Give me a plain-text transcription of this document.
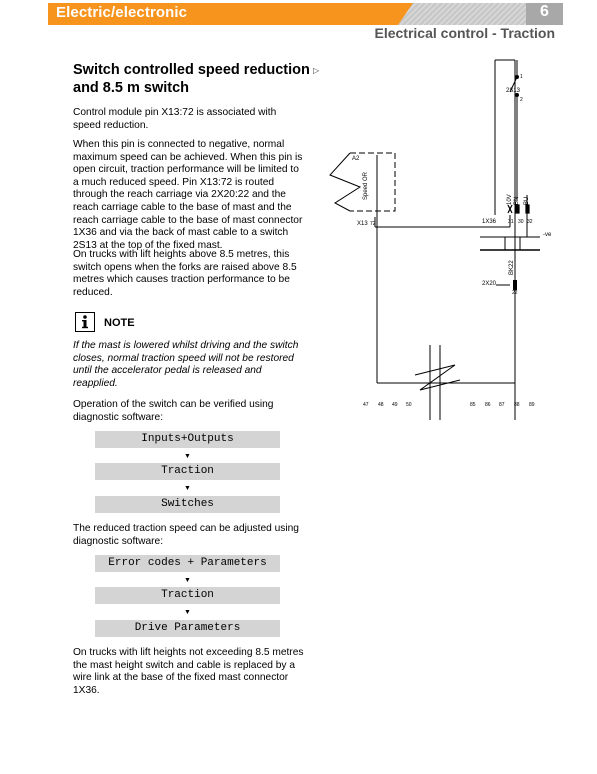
Electric/electronic	6
Electrical control - Traction
Switch controlled speed reduction and 8.5 m switch
▷

Control module pin X13:72 is associated with speed reduction.

When this pin is connected to negative, normal maximum speed can be achieved. When this pin is open circuit, traction performance will be limited to a much reduced speed. Pin X13:72 is routed through the reach carriage via 2X20:22 and the reach carriage cable to the base of mast and the reach carriage cable to the base of mast connector 1X36 and via the back of mast cable to a switch 2S13 at the top of the fixed mast.

On trucks with lift heights above 8.5 metres, this switch opens when the forks are raised above 8.5 metres which causes traction performance to be reduced.

NOTE

If the mast is lowered whilst driving and the switch closes, normal traction speed will not be restored until the accelerator pedal is released and reapplied.

Operation of the switch can be verified using diagnostic software:

Inputs+Outputs
▼
Traction
▼
Switches

The reduced traction speed can be adjusted using diagnostic software:

Error codes + Parameters
▼
Traction
▼
Drive Parameters

On trucks with lift heights not exceeding 8.5 metres the mast height switch and cable is replaced by a wire link at the base of the fixed mast connector 1X36.

2S13
1
2
A2
Speed OR
X13 72	1X36
10V BN BU
31 30 32
-ve
BK22
2X20
22
47 48 49 50	85 86 87 88 89
